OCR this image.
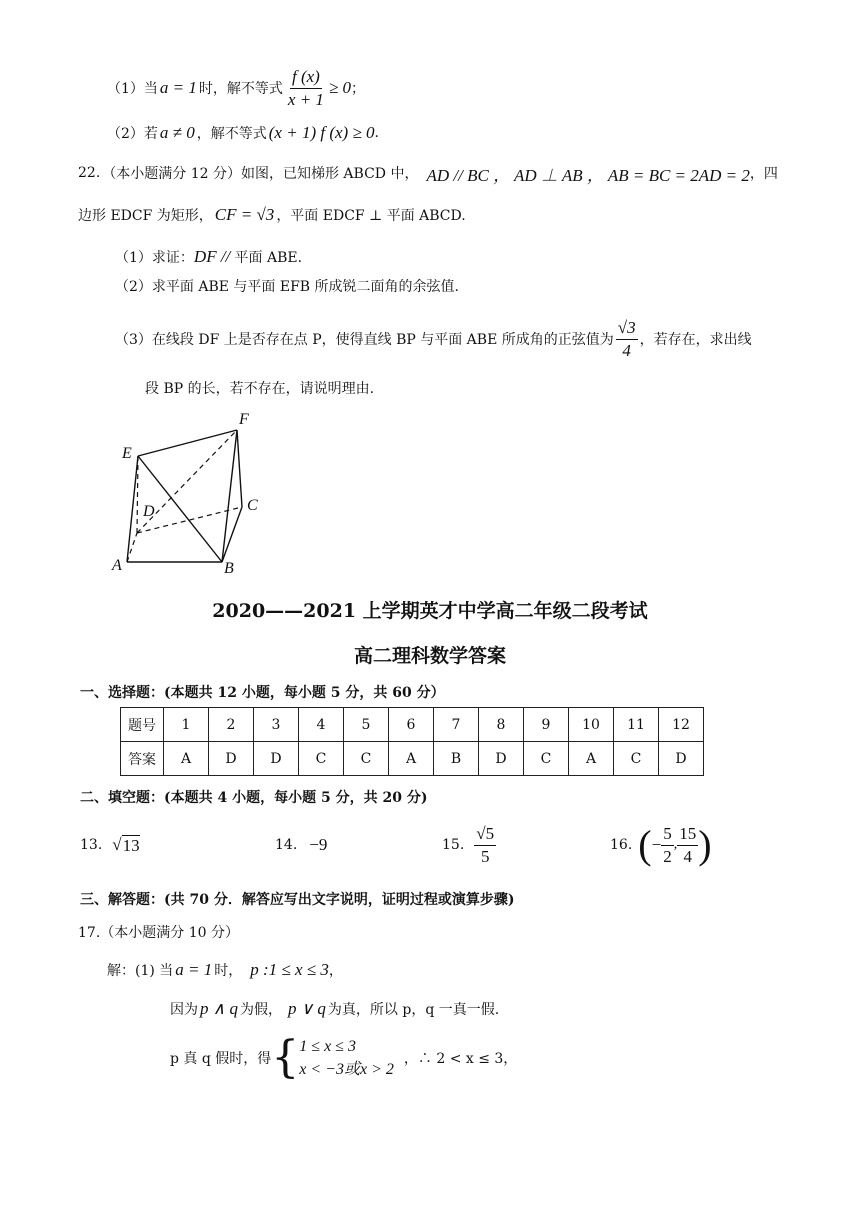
（1）当 a = 1 时，解不等式 $\frac{f (x)}{x + 1} \ge 0$ ；
（2）若 a ≠ 0 ，解不等式 (x + 1) f (x) ≥ 0 .
22. （本小题满分 12 分）如图，已知梯形 ABCD 中， AD // BC ， AD ⊥ AB ， AB = BC = 2AD = 2 ，四
边形 EDCF 为矩形， CF = √3 ，平面 EDCF ⊥ 平面 ABCD.
（1）求证： DF // 平面 ABE.
（2）求平面 ABE 与平面 EFB 所成锐二面角的余弦值.
（3）在线段 DF 上是否存在点 P，使得直线 BP 与平面 ABE 所成角的正弦值为 $\frac{√3}{4}$ ，若存在，求出线
段 BP 的长，若不存在，请说明理由.
E
F
D	C
A	B
2020——2021 上学期英才中学高二年级二段考试
高二理科数学答案
一、选择题：(本题共 12 小题，每小题 5 分，共 60 分）
题号	1	2	3	4	5	6	7	8	9	10	11	12
答案	A	D	D	C	C	A	B	D	C	A	C	D
二、填空题：(本题共 4 小题，每小题 5 分，共 20 分)
13. √ 13	14. −9	15. $\frac{√5}{5}$	16. ( − $\frac{5}{2}$ , $\frac{15}{4}$ )
三、解答题：(共 70 分．解答应写出文字说明，证明过程或演算步骤)
17.（本小题满分 10 分）
解：(1) 当 a = 1 时， p :1 ≤ x ≤ 3 ，
因为 p ∧ q 为假， p ∨ q 为真，所以 p，q 一真一假.
p 真 q 假时，得 { 1 ≤ x ≤ 3
x < −3或x > 2
，∴ 2 < x ≤ 3，
